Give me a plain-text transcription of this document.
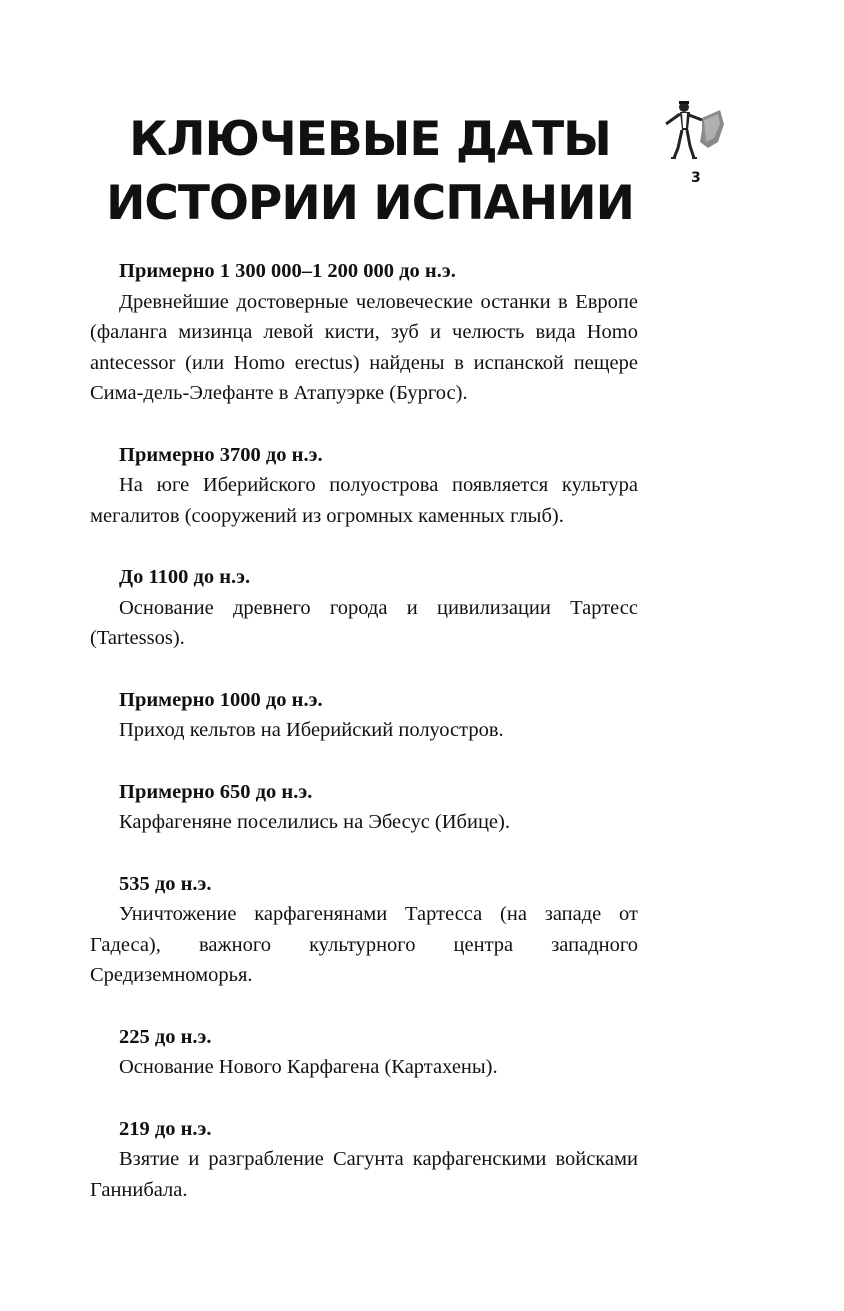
КЛЮЧЕВЫЕ ДАТЫ
ИСТОРИИ ИСПАНИИ	3

Примерно 1 300 000–1 200 000 до н.э.

Древнейшие достоверные человеческие останки в Европе (фаланга мизинца левой кисти, зуб и челюсть вида Homo antecessor (или Homo erectus) найдены в испанской пещере Сима-дель-Элефанте в Атапуэрке (Бургос).

Примерно 3700 до н.э.

На юге Иберийского полуострова появляется культура мегалитов (сооружений из огромных каменных глыб).

До 1100 до н.э.

Основание древнего города и цивилизации Тартесс (Tartessos).

Примерно 1000 до н.э.

Приход кельтов на Иберийский полуостров.

Примерно 650 до н.э.

Карфагеняне поселились на Эбесус (Ибице).

535 до н.э.

Уничтожение карфагенянами Тартесса (на западе от Гадеса), важного культурного центра западного Средиземноморья.

225 до н.э.

Основание Нового Карфагена (Картахены).

219 до н.э.

Взятие и разграбление Сагунта карфагенскими войсками Ганнибала.
